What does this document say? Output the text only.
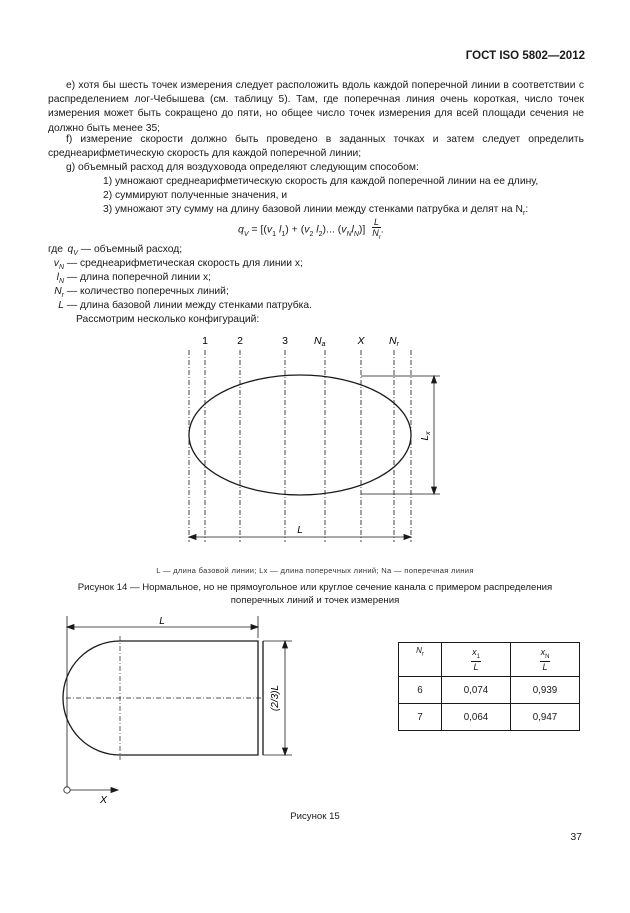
ГОСТ ISO 5802—2012
е) хотя бы шесть точек измерения следует расположить вдоль каждой поперечной линии в соответствии с распределением лог-Чебышева (см. таблицу 5). Там, где поперечная линия очень короткая, число точек измерения может быть сокращено до пяти, но общее число точек измерения для всей площади сечения не должно быть менее 35;
f) измерение скорости должно быть проведено в заданных точках и затем следует определить среднеарифметическую скорость для каждой поперечной линии;
g) объемный расход для воздуховода определяют следующим способом:
1) умножают среднеарифметическую скорость для каждой поперечной линии на ее длину,
2) суммируют полученные значения, и
3) умножают эту сумму на длину базовой линии между стенками патрубка и делят на $N_r$:
$q_V = [(v_1$ $l_1) + (v_2$ $l_2$)... $(v_Nl_N)] \frac{L}{N_r}$ .
где $q_V$ — объемный расход;
$v_N$ — среднеарифметическая скорость для линии x;
$l_N$ — длина поперечной линии x;
$N_r$ — количество поперечных линий;
L — длина базовой линии между стенками патрубка.
Рассмотрим несколько конфигураций:
1	2	3 Na	X Nr
$L_x$
L
L — длина базовой линии; Lx — длина поперечных линий; Na — поперечная линия
Рисунок 14 — Нормальное, но не прямоугольное или круглое сечение канала с примером распределения
поперечных линий и точек измерения
L
(2/3)L
X
$N_r$	$\frac{x_1}{L}$	$\frac{x_N}{L}$

6	0,074	0,939
7	0,064	0,947
Рисунок 15
37
